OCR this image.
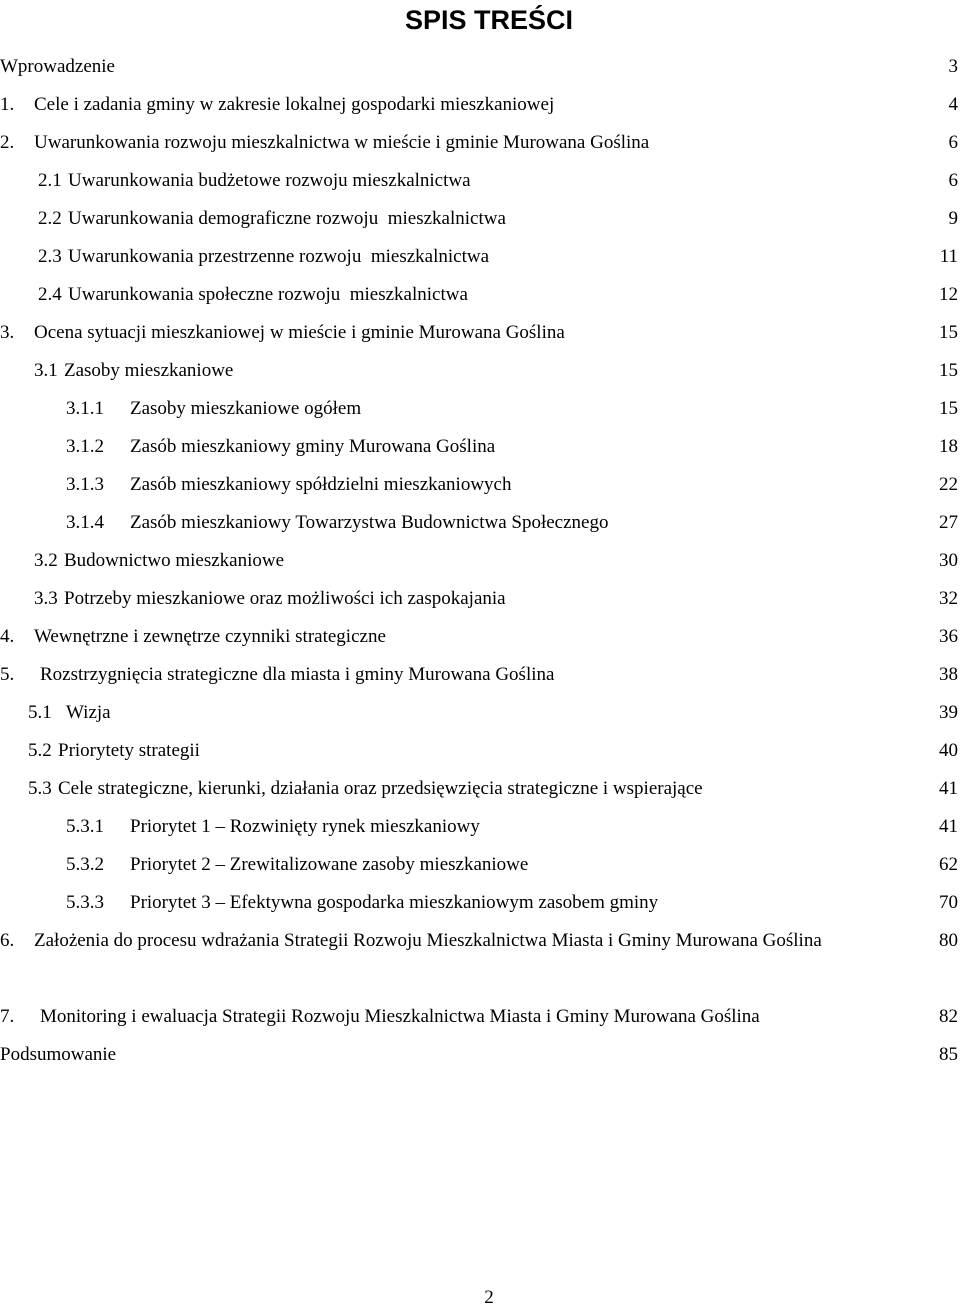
SPIS TREŚCI
Wprowadzenie	3
1. Cele i zadania gminy w zakresie lokalnej gospodarki mieszkaniowej	4
2. Uwarunkowania rozwoju mieszkalnictwa w mieście i gminie Murowana Goślina	6
2.1 Uwarunkowania budżetowe rozwoju mieszkalnictwa	6
2.2 Uwarunkowania demograficzne rozwoju  mieszkalnictwa	9
2.3 Uwarunkowania przestrzenne rozwoju  mieszkalnictwa	11
2.4 Uwarunkowania społeczne rozwoju  mieszkalnictwa	12
3. Ocena sytuacji mieszkaniowej w mieście i gminie Murowana Goślina	15
3.1 Zasoby mieszkaniowe	15
3.1.1 Zasoby mieszkaniowe ogółem	15
3.1.2 Zasób mieszkaniowy gminy Murowana Goślina	18
3.1.3 Zasób mieszkaniowy spółdzielni mieszkaniowych	22
3.1.4 Zasób mieszkaniowy Towarzystwa Budownictwa Społecznego	27
3.2 Budownictwo mieszkaniowe	30
3.3 Potrzeby mieszkaniowe oraz możliwości ich zaspokajania	32
4. Wewnętrzne i zewnętrze czynniki strategiczne	36
5. Rozstrzygnięcia strategiczne dla miasta i gminy Murowana Goślina	38
5.1 Wizja	39
5.2 Priorytety strategii	40
5.3 Cele strategiczne, kierunki, działania oraz przedsięwzięcia strategiczne i wspierające	41
5.3.1 Priorytet 1 – Rozwinięty rynek mieszkaniowy	41
5.3.2 Priorytet 2 – Zrewitalizowane zasoby mieszkaniowe	62
5.3.3 Priorytet 3 – Efektywna gospodarka mieszkaniowym zasobem gminy	70
6. Założenia do procesu wdrażania Strategii Rozwoju Mieszkalnictwa Miasta i Gminy Murowana Goślina	80
7. Monitoring i ewaluacja Strategii Rozwoju Mieszkalnictwa Miasta i Gminy Murowana Goślina	82
Podsumowanie	85
2
